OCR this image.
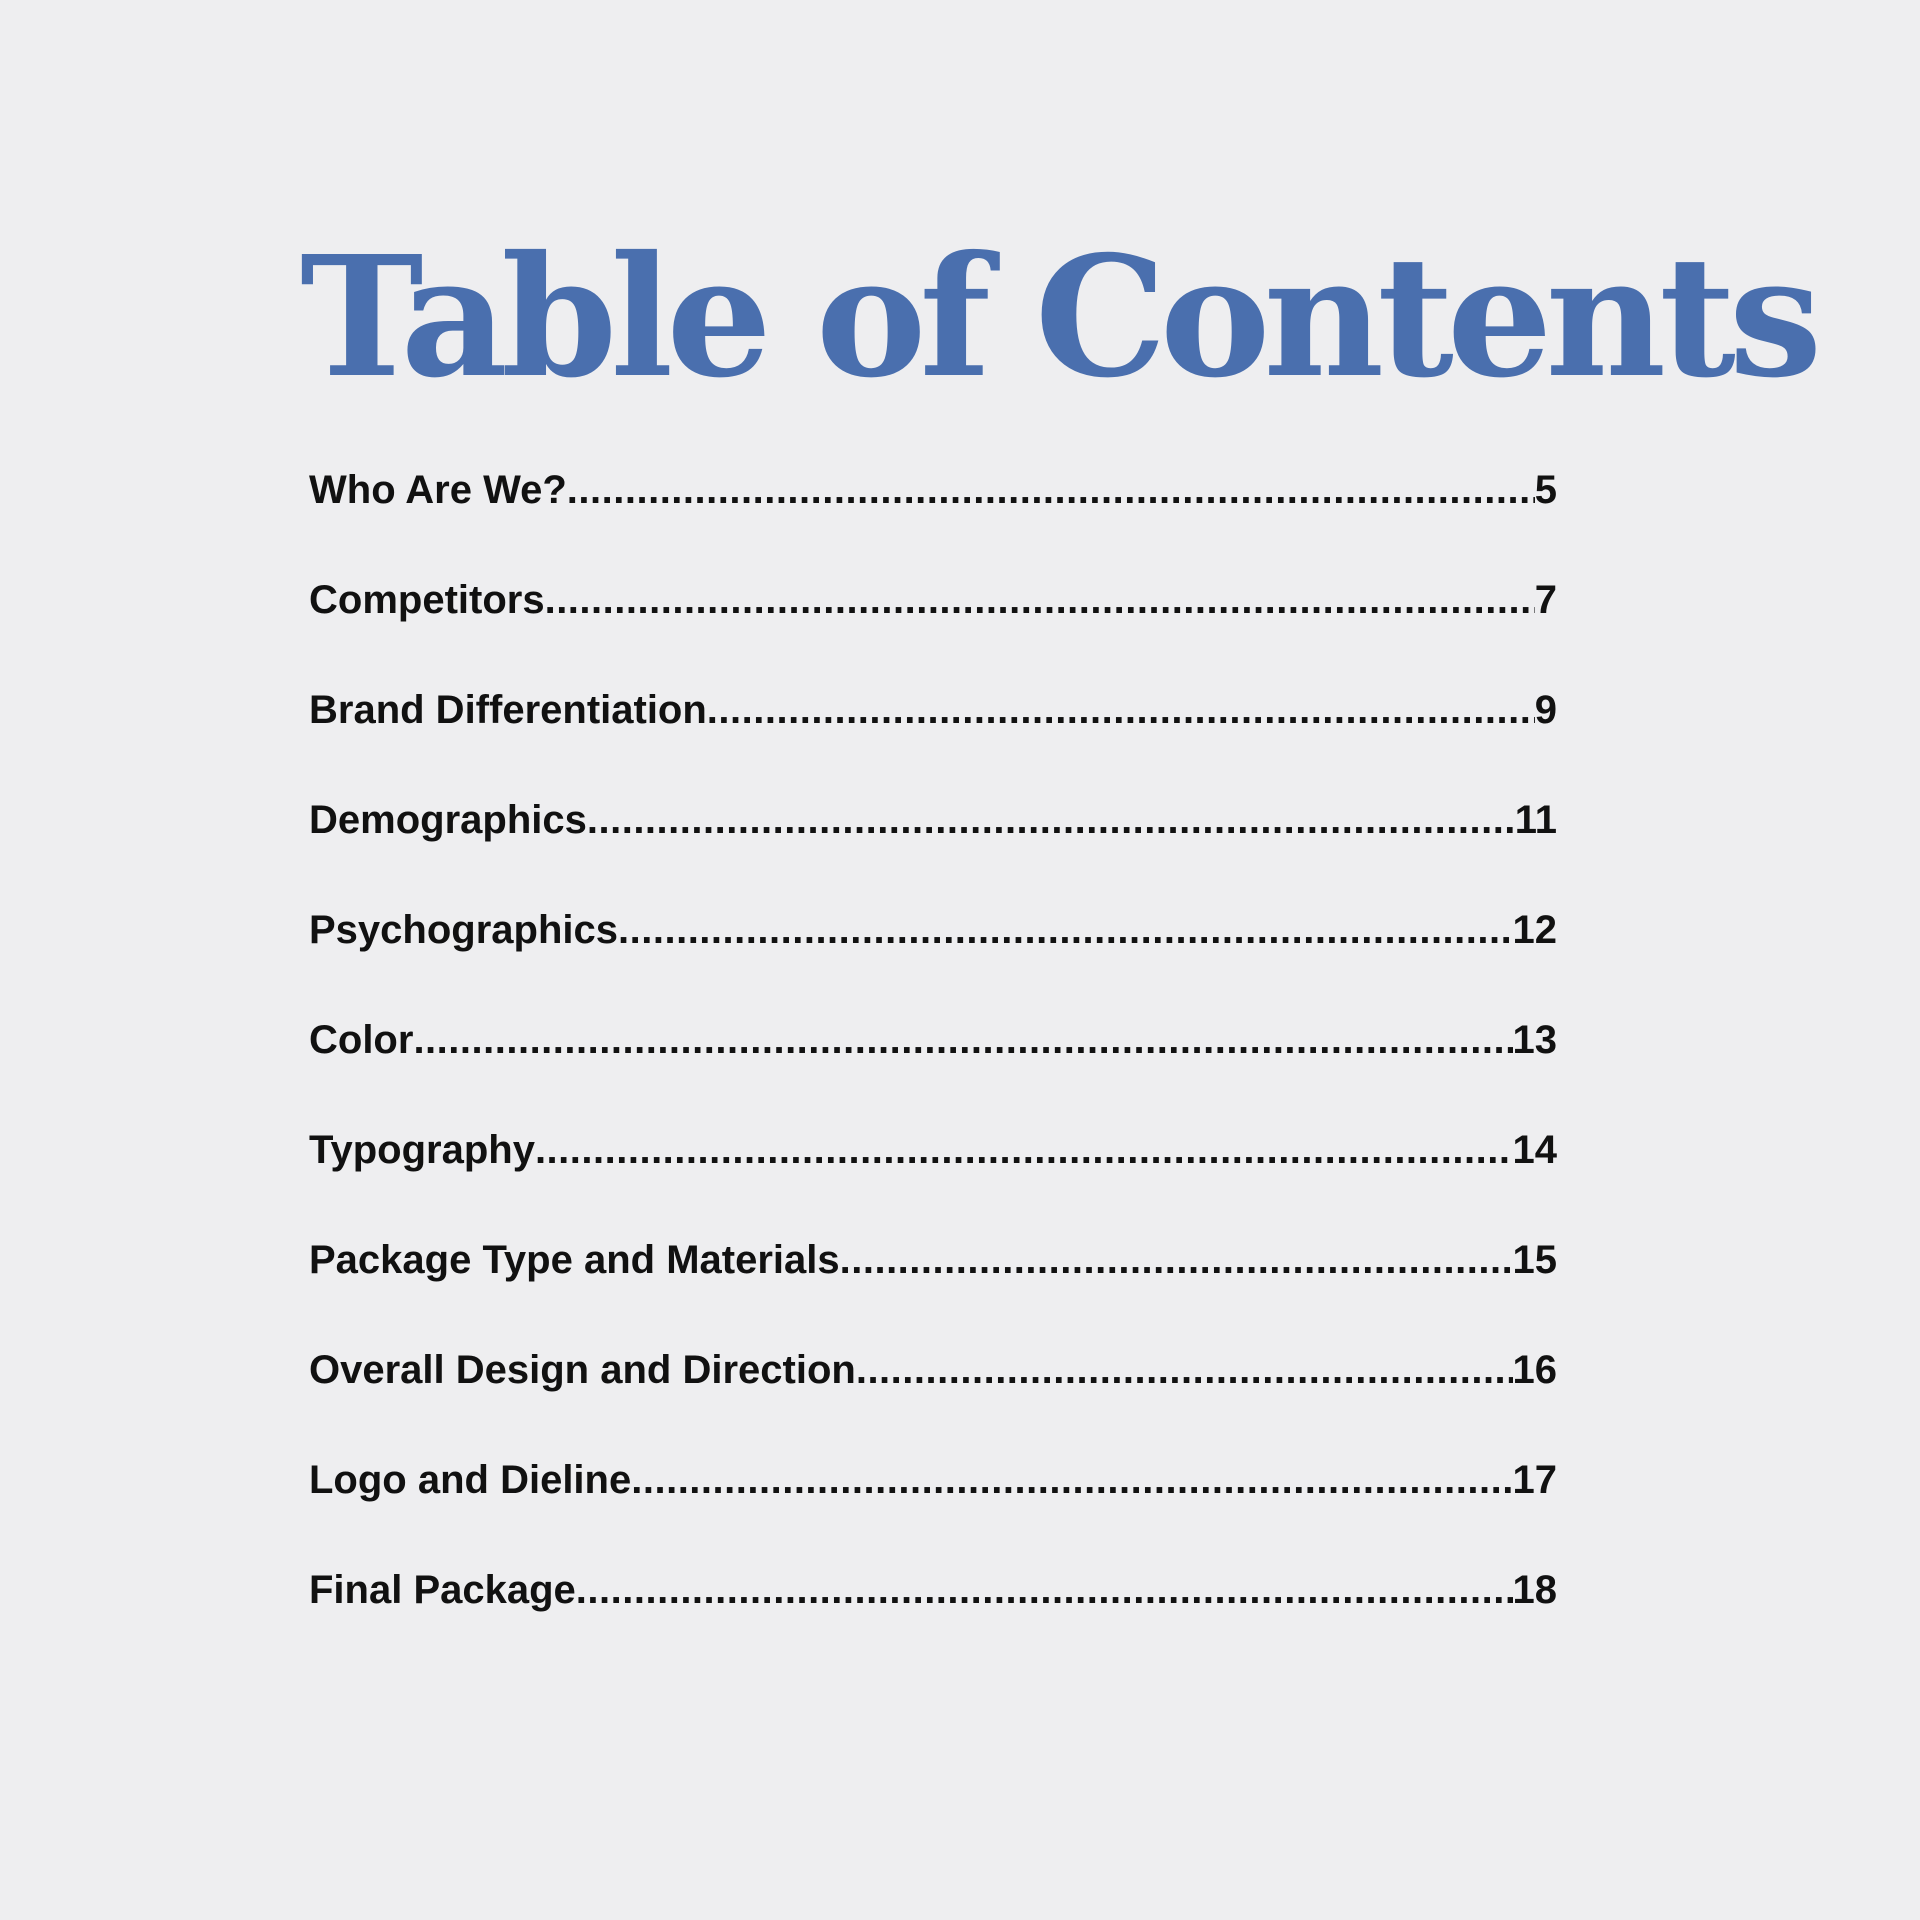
Table of Contents
Who Are We? .....	5
Competitors .....	7
Brand Differentiation .....	9
Demographics .....	11
Psychographics .....	12
Color .....	13
Typography .....	14
Package Type and Materials .....	15
Overall Design and Direction .....	16
Logo and Dieline .....	17
Final Package .....	18
